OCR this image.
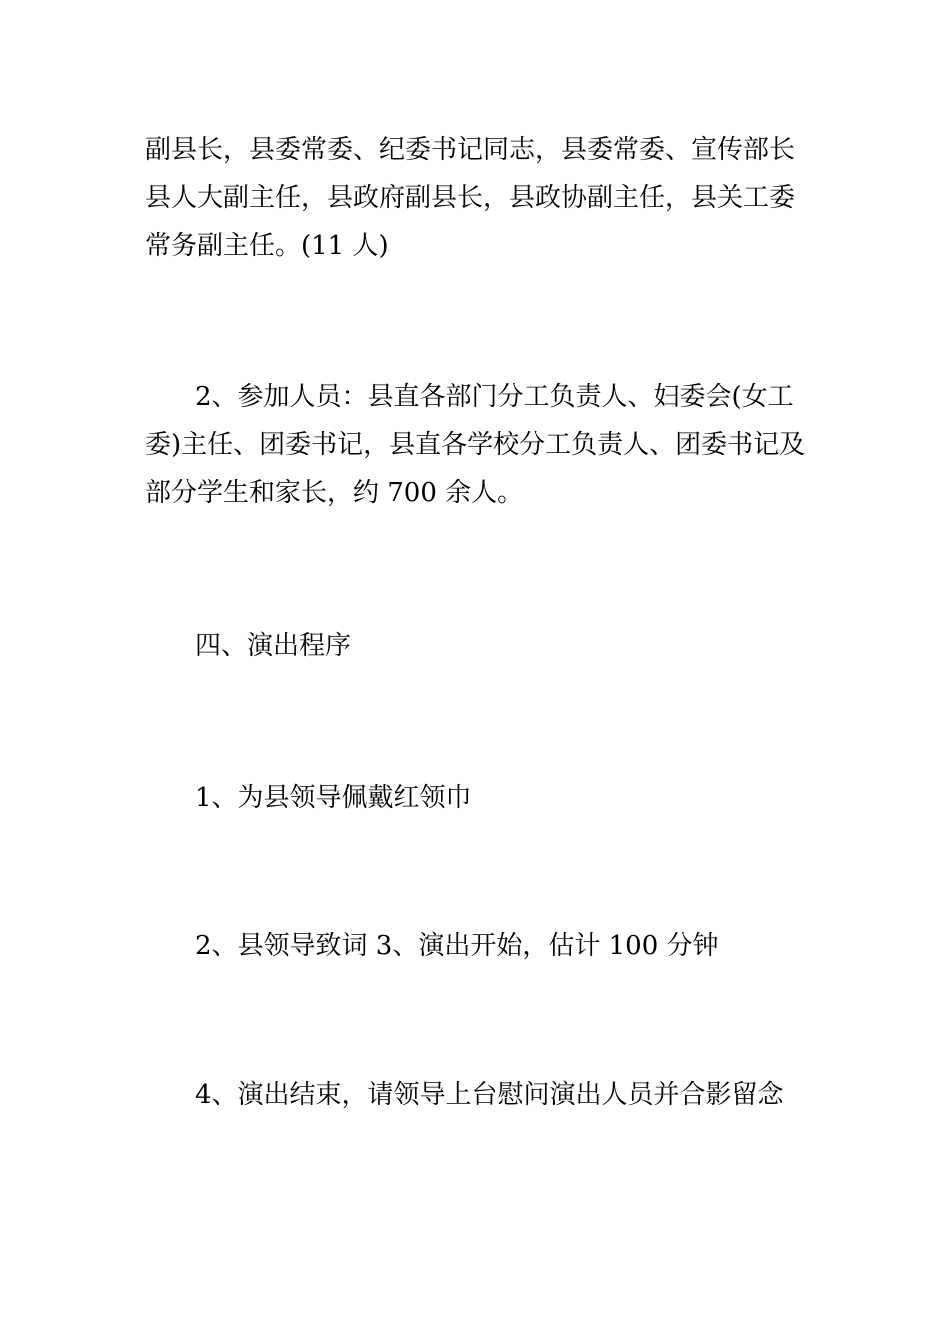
副县长，县委常委、纪委书记同志，县委常委、宣传部长
县人大副主任，县政府副县长，县政协副主任，县关工委
常务副主任。(11 人)
2、参加人员：县直各部门分工负责人、妇委会(女工
委)主任、团委书记，县直各学校分工负责人、团委书记及
部分学生和家长，约 700 余人。
四、演出程序
1、为县领导佩戴红领巾
2、县领导致词 3、演出开始，估计 100 分钟
4、演出结束，请领导上台慰问演出人员并合影留念
